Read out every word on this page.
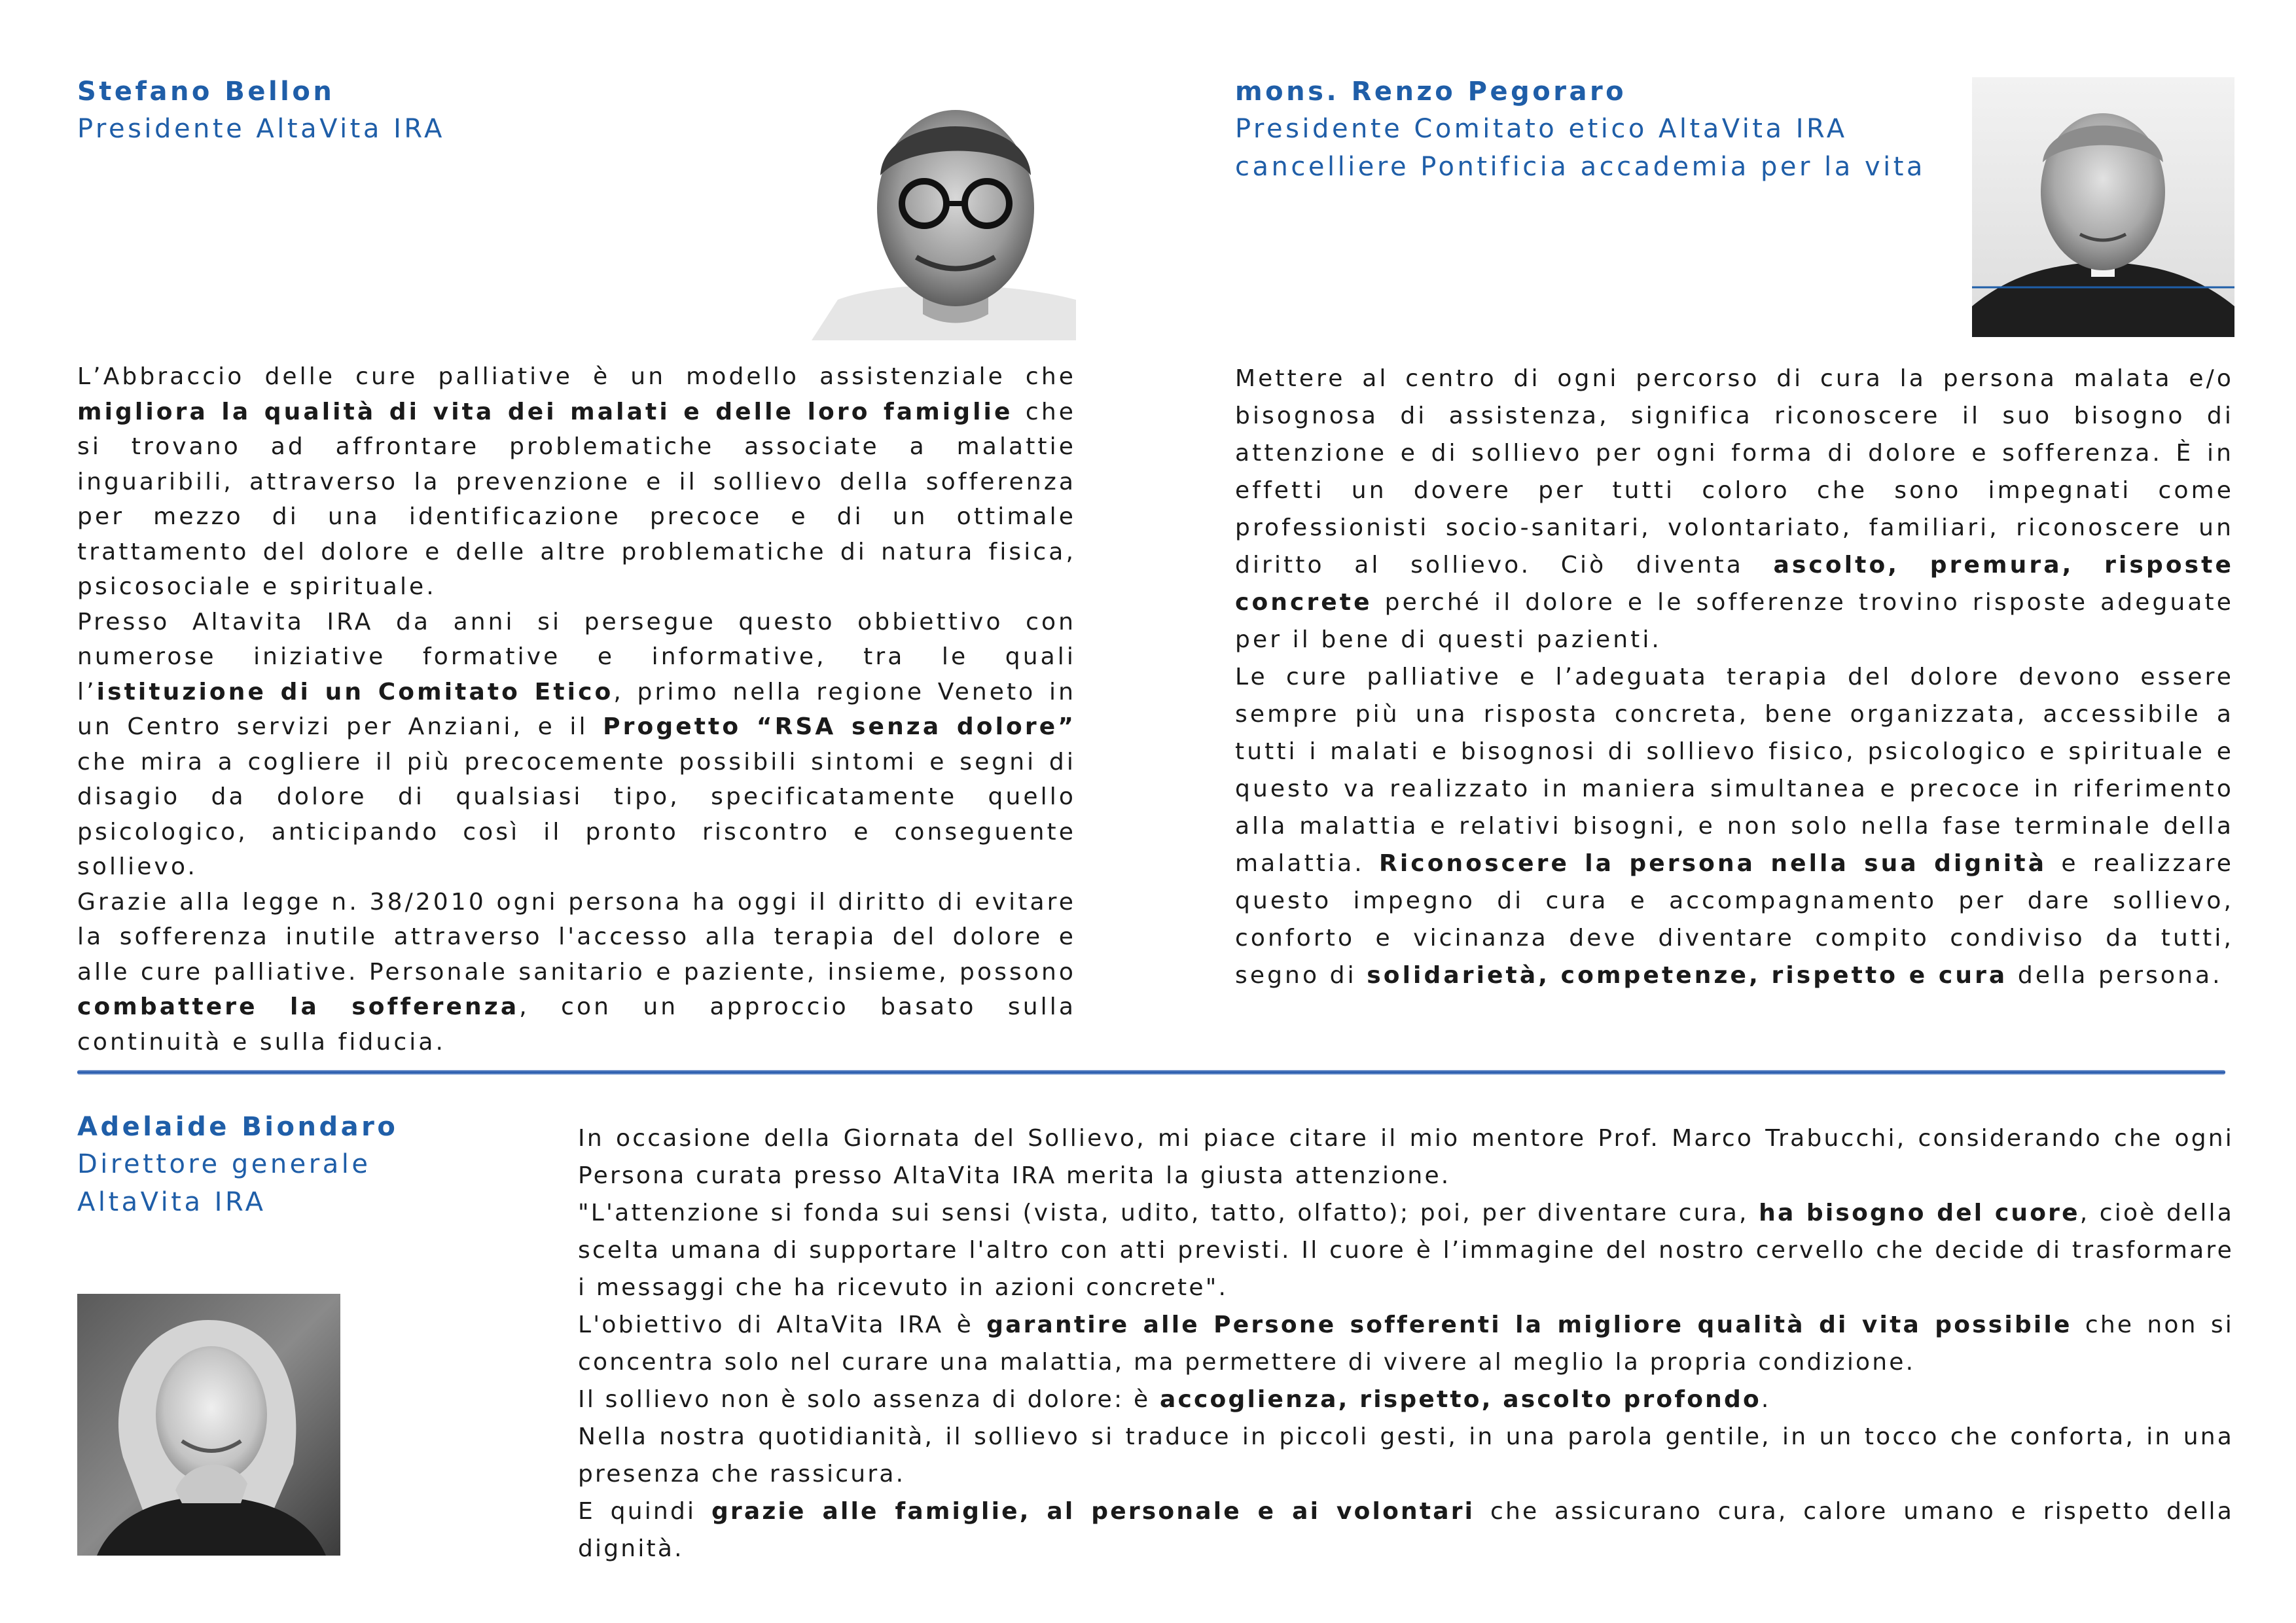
Stefano Bellon
Presidente AltaVita IRA

L’Abbraccio delle cure palliative è un modello assistenziale che migliora la qualità di vita dei malati e delle loro famiglie che si trovano ad affrontare problematiche associate a malattie inguaribili, attraverso la prevenzione e il sollievo della sofferenza per mezzo di una identificazione precoce e di un ottimale trattamento del dolore e delle altre problematiche di natura fisica, psicosociale e spirituale.

Presso Altavita IRA da anni si persegue questo obbiettivo con numerose iniziative formative e informative, tra le quali l’istituzione di un Comitato Etico, primo nella regione Veneto in un Centro servizi per Anziani, e il Progetto “RSA senza dolore” che mira a cogliere il più precocemente possibili sintomi e segni di disagio da dolore di qualsiasi tipo, specificatamente quello psicologico, anticipando così il pronto riscontro e conseguente sollievo.

Grazie alla legge n. 38/2010 ogni persona ha oggi il diritto di evitare la sofferenza inutile attraverso l'accesso alla terapia del dolore e alle cure palliative. Personale sanitario e paziente, insieme, possono combattere la sofferenza, con un approccio basato sulla continuità e sulla fiducia.

mons. Renzo Pegoraro
Presidente Comitato etico AltaVita IRA
cancelliere Pontificia accademia per la vita

Mettere al centro di ogni percorso di cura la persona malata e/o bisognosa di assistenza, significa riconoscere il suo bisogno di attenzione e di sollievo per ogni forma di dolore e sofferenza. È in effetti un dovere per tutti coloro che sono impegnati come professionisti socio-sanitari, volontariato, familiari, riconoscere un diritto al sollievo. Ciò diventa ascolto, premura, risposte concrete perché il dolore e le sofferenze trovino risposte adeguate per il bene di questi pazienti.

Le cure palliative e l’adeguata terapia del dolore devono essere sempre più una risposta concreta, bene organizzata, accessibile a tutti i malati e bisognosi di sollievo fisico, psicologico e spirituale e questo va realizzato in maniera simultanea e precoce in riferimento alla malattia e relativi bisogni, e non solo nella fase terminale della malattia. Riconoscere la persona nella sua dignità e realizzare questo impegno di cura e accompagnamento per dare sollievo, conforto e vicinanza deve diventare compito condiviso da tutti, segno di solidarietà, competenze, rispetto e cura della persona.

Adelaide Biondaro
Direttore generale
AltaVita IRA

In occasione della Giornata del Sollievo, mi piace citare il mio mentore Prof. Marco Trabucchi, considerando che ogni Persona curata presso AltaVita IRA merita la giusta attenzione.

"L'attenzione si fonda sui sensi (vista, udito, tatto, olfatto); poi, per diventare cura, ha bisogno del cuore, cioè della scelta umana di supportare l'altro con atti previsti. Il cuore è l’immagine del nostro cervello che decide di trasformare i messaggi che ha ricevuto in azioni concrete".

L'obiettivo di AltaVita IRA è garantire alle Persone sofferenti la migliore qualità di vita possibile che non si concentra solo nel curare una malattia, ma permettere di vivere al meglio la propria condizione.

Il sollievo non è solo assenza di dolore: è accoglienza, rispetto, ascolto profondo.

Nella nostra quotidianità, il sollievo si traduce in piccoli gesti, in una parola gentile, in un tocco che conforta, in una presenza che rassicura.

E quindi grazie alle famiglie, al personale e ai volontari che assicurano cura, calore umano e rispetto della dignità.
